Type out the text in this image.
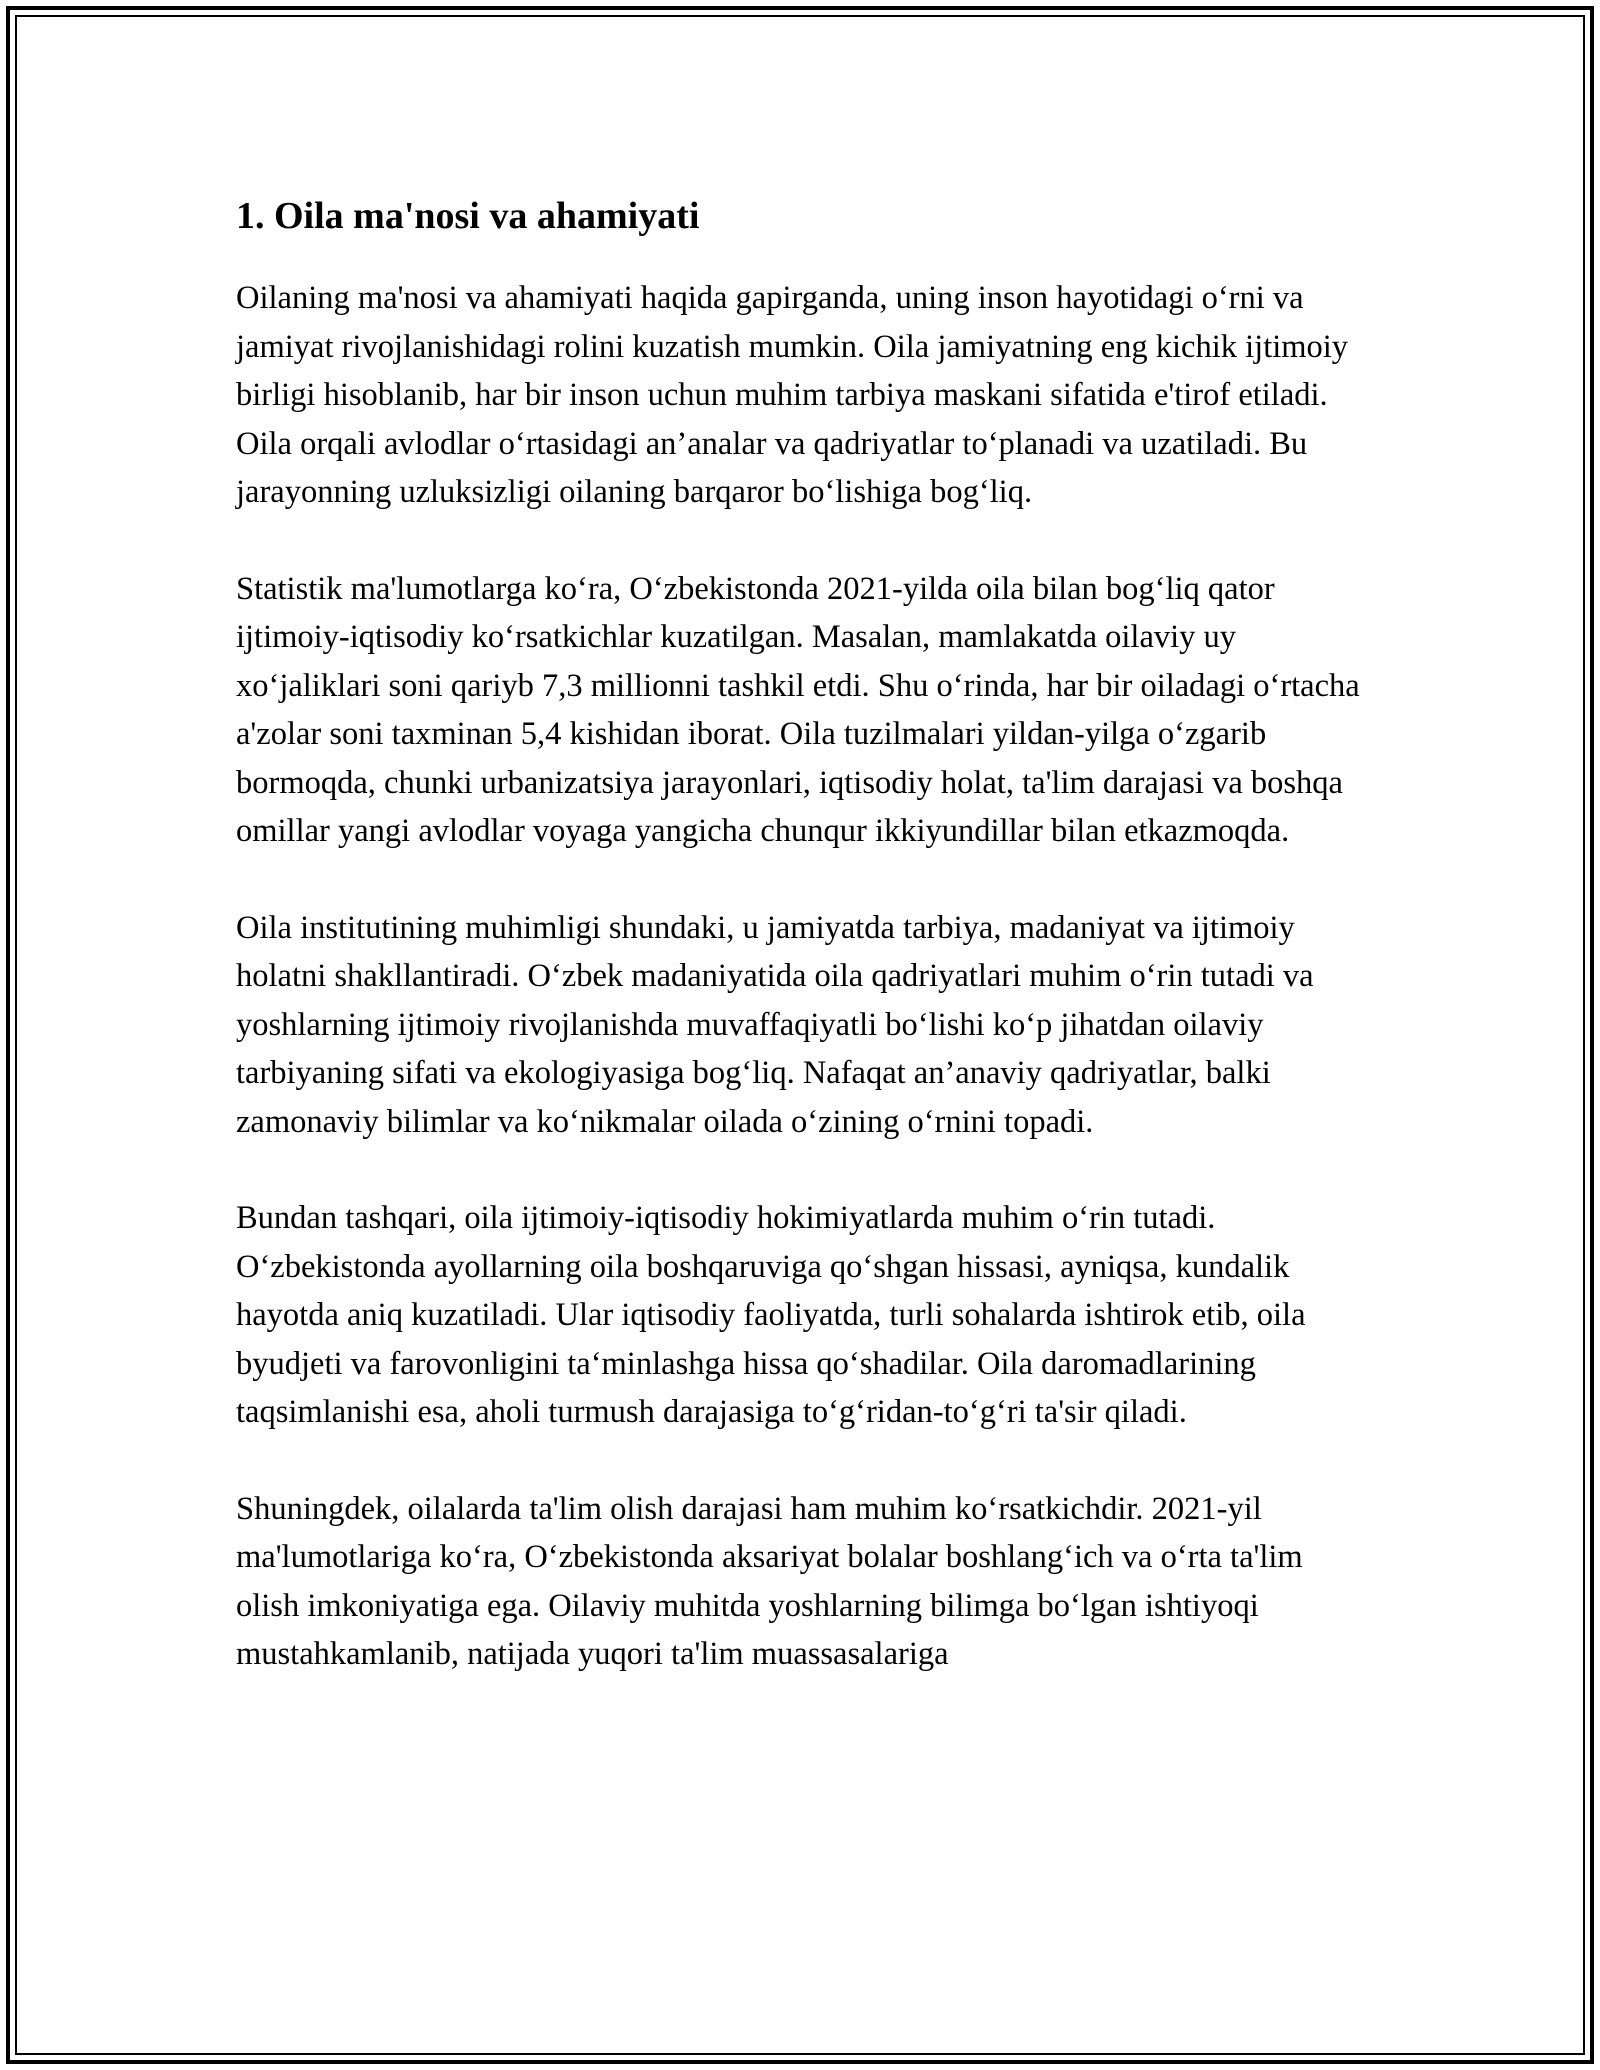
1. Oila ma'nosi va ahamiyati

Oilaning ma'nosi va ahamiyati haqida gapirganda, uning inson hayotidagi oʻrni va jamiyat rivojlanishidagi rolini kuzatish mumkin. Oila jamiyatning eng kichik ijtimoiy birligi hisoblanib, har bir inson uchun muhim tarbiya maskani sifatida e'tirof etiladi. Oila orqali avlodlar oʻrtasidagi an’analar va qadriyatlar toʻplanadi va uzatiladi. Bu jarayonning uzluksizligi oilaning barqaror boʻlishiga bogʻliq.

Statistik ma'lumotlarga koʻra, Oʻzbekistonda 2021-yilda oila bilan bogʻliq qator ijtimoiy-iqtisodiy koʻrsatkichlar kuzatilgan. Masalan, mamlakatda oilaviy uy xoʻjaliklari soni qariyb 7,3 millionni tashkil etdi. Shu oʻrinda, har bir oiladagi oʻrtacha a'zolar soni taxminan 5,4 kishidan iborat. Oila tuzilmalari yildan-yilga oʻzgarib bormoqda, chunki urbanizatsiya jarayonlari, iqtisodiy holat, ta'lim darajasi va boshqa omillar yangi avlodlar voyaga yangicha chunqur ikkiyundillar bilan etkazmoqda.

Oila institutining muhimligi shundaki, u jamiyatda tarbiya, madaniyat va ijtimoiy holatni shakllantiradi. Oʻzbek madaniyatida oila qadriyatlari muhim oʻrin tutadi va yoshlarning ijtimoiy rivojlanishda muvaffaqiyatli boʻlishi koʻp jihatdan oilaviy tarbiyaning sifati va ekologiyasiga bogʻliq. Nafaqat an’anaviy qadriyatlar, balki zamonaviy bilimlar va koʻnikmalar oilada oʻzining oʻrnini topadi.

Bundan tashqari, oila ijtimoiy-iqtisodiy hokimiyatlarda muhim oʻrin tutadi. Oʻzbekistonda ayollarning oila boshqaruviga qoʻshgan hissasi, ayniqsa, kundalik hayotda aniq kuzatiladi. Ular iqtisodiy faoliyatda, turli sohalarda ishtirok etib, oila byudjeti va farovonligini taʻminlashga hissa qoʻshadilar. Oila daromadlarining taqsimlanishi esa, aholi turmush darajasiga toʻgʻridan-toʻgʻri ta'sir qiladi.

Shuningdek, oilalarda ta'lim olish darajasi ham muhim koʻrsatkichdir. 2021-yil ma'lumotlariga koʻra, Oʻzbekistonda aksariyat bolalar boshlangʻich va oʻrta ta'lim olish imkoniyatiga ega. Oilaviy muhitda yoshlarning bilimga boʻlgan ishtiyoqi mustahkamlanib, natijada yuqori ta'lim muassasalariga
